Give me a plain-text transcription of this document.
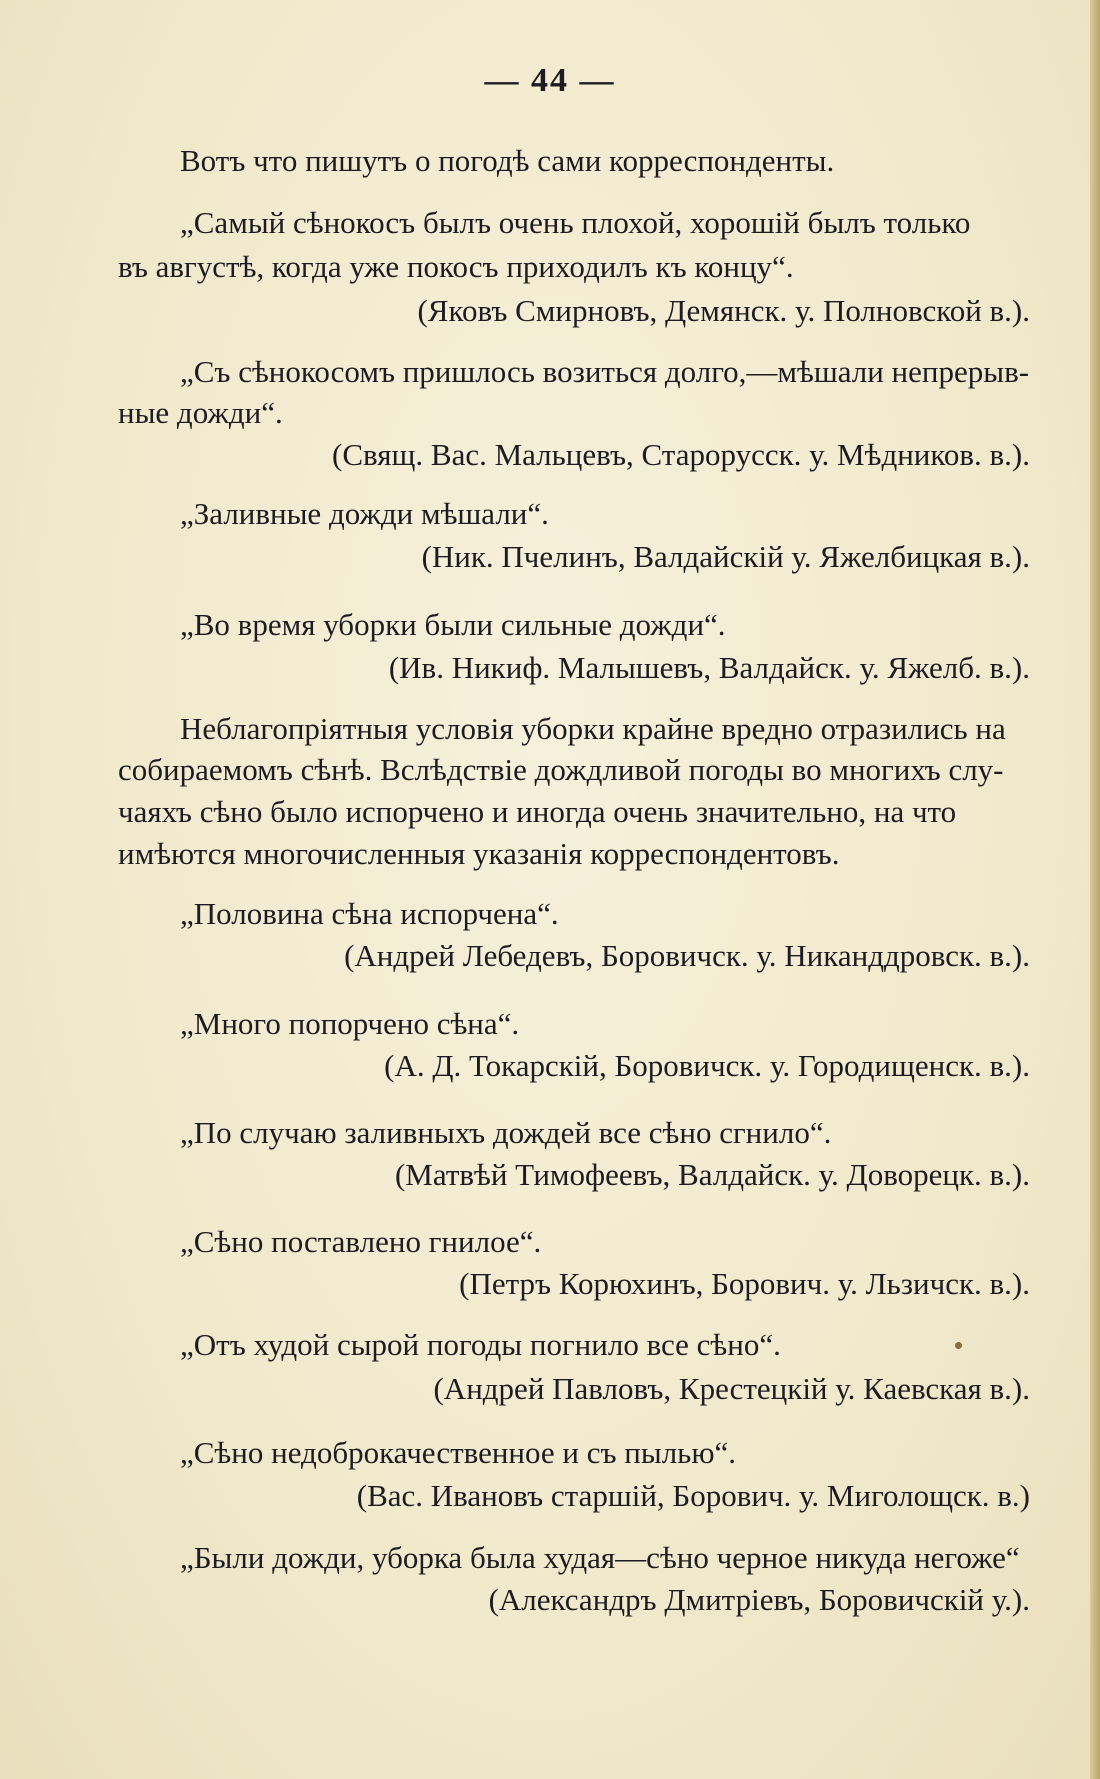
— 44 —
Вотъ что пишутъ о погодѣ сами корреспонденты.
„Самый сѣнокосъ былъ очень плохой, хорошій былъ только
въ августѣ, когда уже покосъ приходилъ къ концу“.
(Яковъ Смирновъ, Демянск. у. Полновской в.).
„Съ сѣнокосомъ пришлось возиться долго,—мѣшали непрерыв-
ные дожди“.
(Свящ. Вас. Мальцевъ, Старорусск. у. Мѣдников. в.).
„Заливные дожди мѣшали“.
(Ник. Пчелинъ, Валдайскій у. Яжелбицкая в.).
„Во время уборки были сильные дожди“.
(Ив. Никиф. Малышевъ, Валдайск. у. Яжелб. в.).
Неблагопріятныя условія уборки крайне вредно отразились на
собираемомъ сѣнѣ. Вслѣдствіе дождливой погоды во многихъ слу-
чаяхъ сѣно было испорчено и иногда очень значительно, на что
имѣются многочисленныя указанія корреспондентовъ.
„Половина сѣна испорчена“.
(Андрей Лебедевъ, Боровичск. у. Никанддровск. в.).
„Много попорчено сѣна“.
(А. Д. Токарскій, Боровичск. у. Городищенск. в.).
„По случаю заливныхъ дождей все сѣно сгнило“.
(Матвѣй Тимофеевъ, Валдайск. у. Доворецк. в.).
„Сѣно поставлено гнилое“.
(Петръ Корюхинъ, Борович. у. Льзичск. в.).
„Отъ худой сырой погоды погнило все сѣно“.
(Андрей Павловъ, Крестецкій у. Каевская в.).
„Сѣно недоброкачественное и съ пылью“.
(Вас. Ивановъ старшій, Борович. у. Миголощск. в.)
„Были дожди, уборка была худая—сѣно черное никуда негоже“
(Александръ Дмитріевъ, Боровичскій у.).
